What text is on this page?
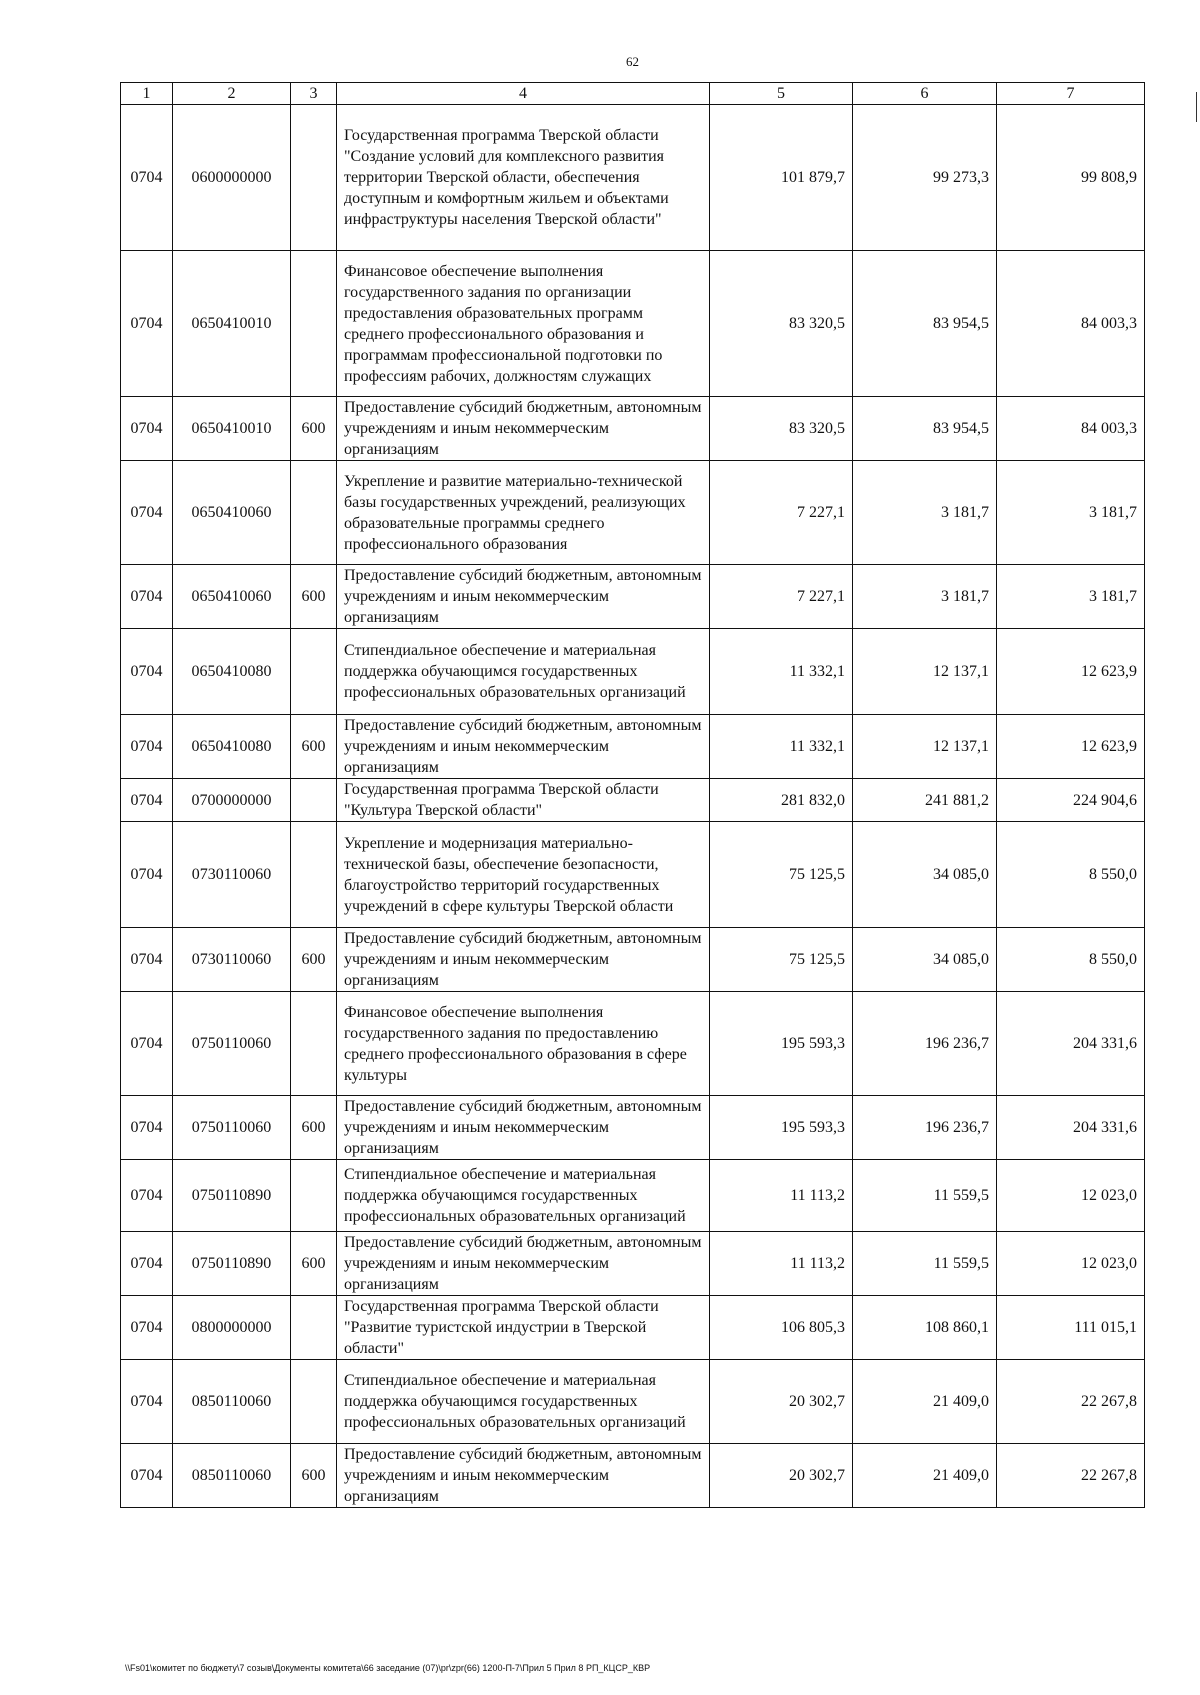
62
1	2	3	4	5	6	7
0704	0600000000		Государственная программа Тверской области "Создание условий для комплексного развития территории Тверской области, обеспечения доступным и комфортным жильем и объектами инфраструктуры населения Тверской области"	101 879,7	99 273,3	99 808,9
0704	0650410010		Финансовое обеспечение выполнения государственного задания по организации предоставления образовательных программ среднего профессионального образования и программам профессиональной подготовки по профессиям рабочих, должностям служащих	83 320,5	83 954,5	84 003,3
0704	0650410010	600	Предоставление субсидий бюджетным, автономным учреждениям и иным некоммерческим организациям	83 320,5	83 954,5	84 003,3
0704	0650410060		Укрепление и развитие материально-технической базы государственных учреждений, реализующих образовательные программы среднего профессионального образования	7 227,1	3 181,7	3 181,7
0704	0650410060	600	Предоставление субсидий бюджетным, автономным учреждениям и иным некоммерческим организациям	7 227,1	3 181,7	3 181,7
0704	0650410080		Стипендиальное обеспечение и материальная поддержка обучающимся государственных профессиональных образовательных организаций	11 332,1	12 137,1	12 623,9
0704	0650410080	600	Предоставление субсидий бюджетным, автономным учреждениям и иным некоммерческим организациям	11 332,1	12 137,1	12 623,9
0704	0700000000		Государственная программа Тверской области "Культура Тверской области"	281 832,0	241 881,2	224 904,6
0704	0730110060		Укрепление и модернизация материально-технической базы, обеспечение безопасности, благоустройство территорий государственных учреждений в сфере культуры Тверской области	75 125,5	34 085,0	8 550,0
0704	0730110060	600	Предоставление субсидий бюджетным, автономным учреждениям и иным некоммерческим организациям	75 125,5	34 085,0	8 550,0
0704	0750110060		Финансовое обеспечение выполнения государственного задания по предоставлению среднего профессионального образования в сфере культуры	195 593,3	196 236,7	204 331,6
0704	0750110060	600	Предоставление субсидий бюджетным, автономным учреждениям и иным некоммерческим организациям	195 593,3	196 236,7	204 331,6
0704	0750110890		Стипендиальное обеспечение и материальная поддержка обучающимся государственных профессиональных образовательных организаций	11 113,2	11 559,5	12 023,0
0704	0750110890	600	Предоставление субсидий бюджетным, автономным учреждениям и иным некоммерческим организациям	11 113,2	11 559,5	12 023,0
0704	0800000000		Государственная программа Тверской области "Развитие туристской индустрии в Тверской области"	106 805,3	108 860,1	111 015,1
0704	0850110060		Стипендиальное обеспечение и материальная поддержка обучающимся государственных профессиональных образовательных организаций	20 302,7	21 409,0	22 267,8
0704	0850110060	600	Предоставление субсидий бюджетным, автономным учреждениям и иным некоммерческим организациям	20 302,7	21 409,0	22 267,8
\\Fs01\комитет по бюджету\7 созыв\Документы комитета\66 заседание (07)\pr\zpr(66) 1200-П-7\Прил 5 Прил 8 РП_КЦСР_КВР
